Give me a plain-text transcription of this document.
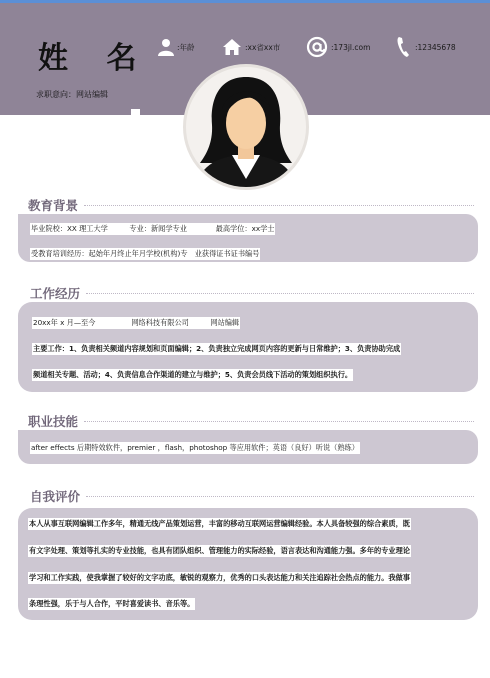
姓 名
求职意向：网站编辑
:年龄	:xx省xx市	:173jl.com	:12345678
教育背景
毕业院校：XX 理工大学　　　专业：新闻学专业　　　　最高学位：xx学士
受教育培训经历：起始年月终止年月学校(机构)专　业获得证书证书编号
工作经历
20xx年 x 月—至今　　　　　网络科技有限公司　　　网站编辑
主要工作：1、负责相关频道内容规划和页面编辑；2、负责独立完成网页内容的更新与日常维护；3、负责协助完成
频道相关专题、活动；4、负责信息合作渠道的建立与维护；5、负责会员线下活动的策划组织执行。
职业技能
after effects 后期特效软件，premier ，flash，photoshop 等应用软件；英语（良好）听说（熟练）
自我评价
本人从事互联网编辑工作多年，精通无线产品策划运营，丰富的移动互联网运营编辑经验。本人具备较强的综合素质，既
有文字处理、策划等扎实的专业技能，也具有团队组织、管理能力的实际经验，语言表达和沟通能力强。多年的专业理论
学习和工作实践，使我掌握了较好的文字功底，敏锐的观察力，优秀的口头表达能力和关注追踪社会热点的能力。我做事
条理性强，乐于与人合作，平时喜爱读书、音乐等。
